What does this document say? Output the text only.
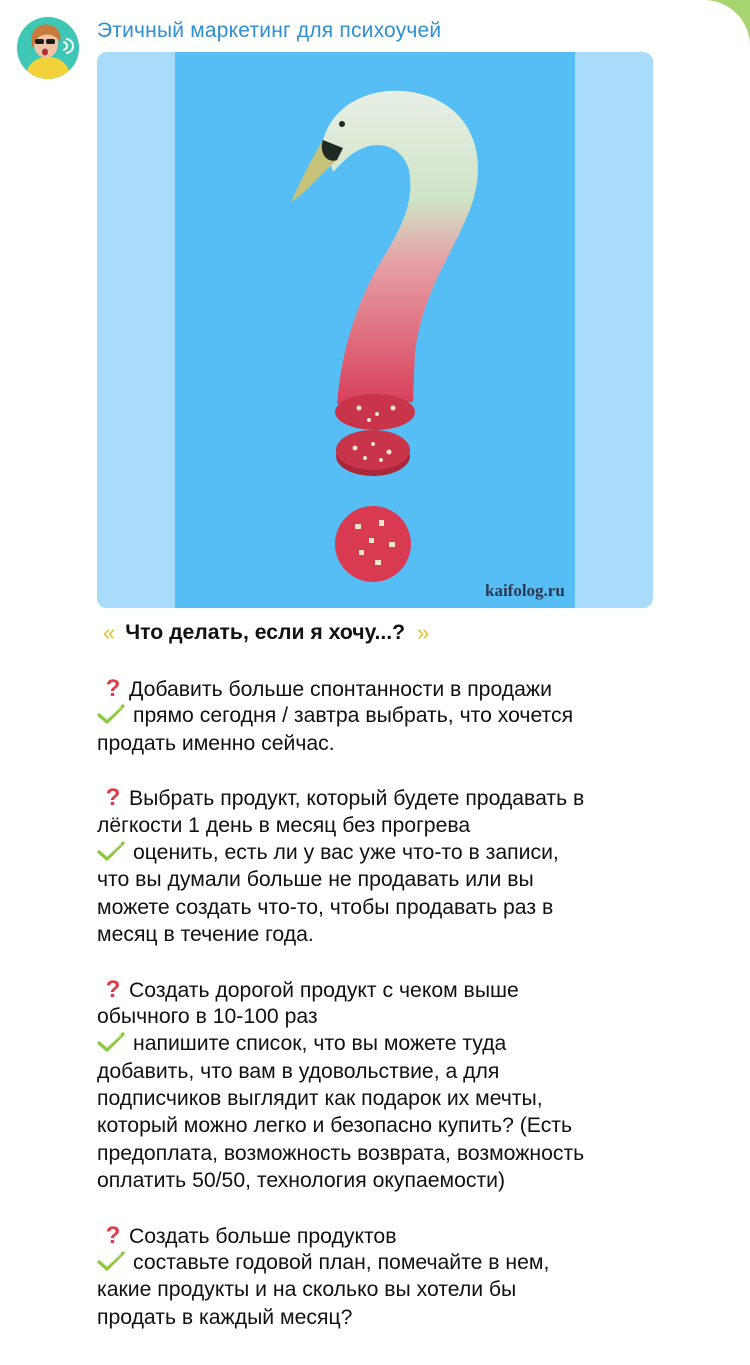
Этичный маркетинг для психоучей
kaifolog.ru
« Что делать, если я хочу...? »
? Добавить больше спонтанности в продажи
прямо сегодня / завтра выбрать, что хочется
продать именно сейчас.
? Выбрать продукт, который будете продавать в
лёгкости 1 день в месяц без прогрева
оценить, есть ли у вас уже что-то в записи,
что вы думали больше не продавать или вы
можете создать что-то, чтобы продавать раз в
месяц в течение года.
? Создать дорогой продукт с чеком выше
обычного в 10-100 раз
напишите список, что вы можете туда
добавить, что вам в удовольствие, а для
подписчиков выглядит как подарок их мечты,
который можно легко и безопасно купить? (Есть
предоплата, возможность возврата, возможность
оплатить 50/50, технология окупаемости)
? Создать больше продуктов
составьте годовой план, помечайте в нем,
какие продукты и на сколько вы хотели бы
продать в каждый месяц?
